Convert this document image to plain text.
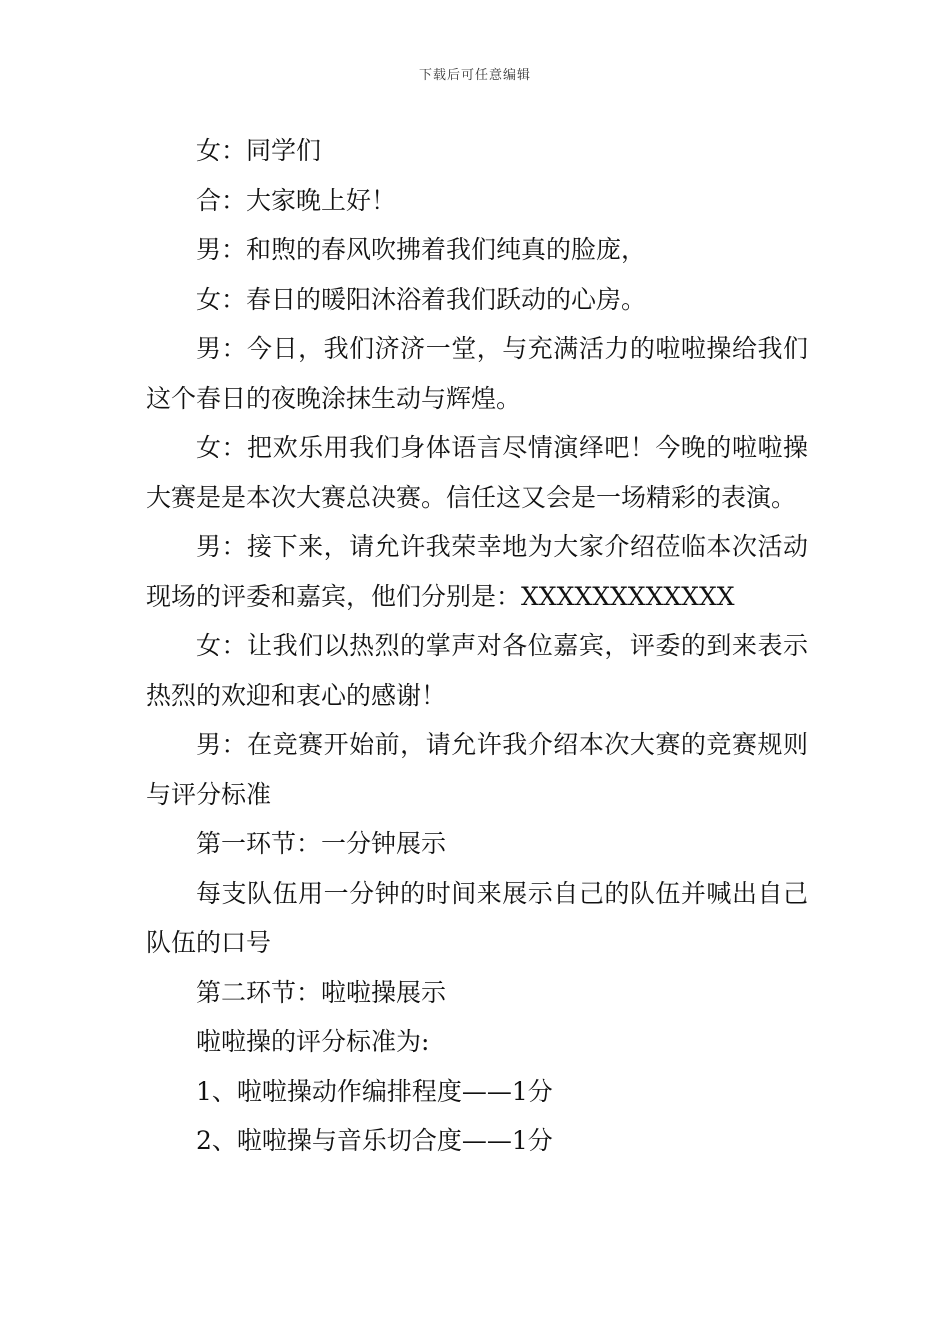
下载后可任意编辑

女：同学们

合：大家晚上好！

男：和煦的春风吹拂着我们纯真的脸庞，

女：春日的暖阳沐浴着我们跃动的心房。

男：今日，我们济济一堂，与充满活力的啦啦操给我们这个春日的夜晚涂抹生动与辉煌。

女：把欢乐用我们身体语言尽情演绎吧！今晚的啦啦操大赛是是本次大赛总决赛。信任这又会是一场精彩的表演。

男：接下来，请允许我荣幸地为大家介绍莅临本次活动现场的评委和嘉宾，他们分别是：XXXXXXXXXXXX

女：让我们以热烈的掌声对各位嘉宾，评委的到来表示热烈的欢迎和衷心的感谢！

男：在竞赛开始前，请允许我介绍本次大赛的竞赛规则与评分标准

第一环节：一分钟展示

每支队伍用一分钟的时间来展示自己的队伍并喊出自己队伍的口号

第二环节：啦啦操展示

啦啦操的评分标准为:

1、啦啦操动作编排程度——1分

2、啦啦操与音乐切合度——1分
